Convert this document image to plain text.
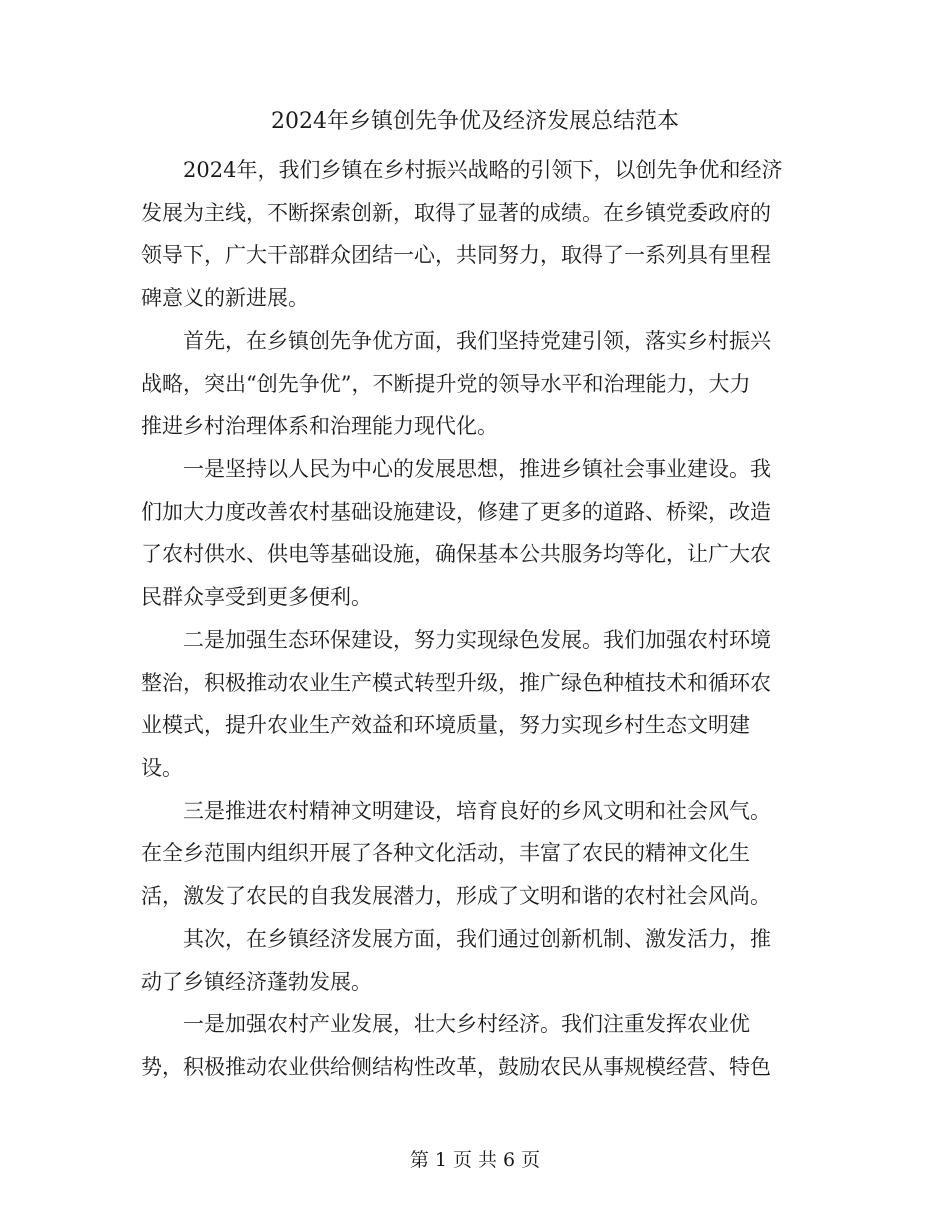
2024年乡镇创先争优及经济发展总结范本
　　2024年，我们乡镇在乡村振兴战略的引领下，以创先争优和经济
发展为主线，不断探索创新，取得了显著的成绩。在乡镇党委政府的
领导下，广大干部群众团结一心，共同努力，取得了一系列具有里程
碑意义的新进展。
　　首先，在乡镇创先争优方面，我们坚持党建引领，落实乡村振兴
战略，突出“创先争优”，不断提升党的领导水平和治理能力，大力
推进乡村治理体系和治理能力现代化。
　　一是坚持以人民为中心的发展思想，推进乡镇社会事业建设。我
们加大力度改善农村基础设施建设，修建了更多的道路、桥梁，改造
了农村供水、供电等基础设施，确保基本公共服务均等化，让广大农
民群众享受到更多便利。
　　二是加强生态环保建设，努力实现绿色发展。我们加强农村环境
整治，积极推动农业生产模式转型升级，推广绿色种植技术和循环农
业模式，提升农业生产效益和环境质量，努力实现乡村生态文明建
设。
　　三是推进农村精神文明建设，培育良好的乡风文明和社会风气。
在全乡范围内组织开展了各种文化活动，丰富了农民的精神文化生
活，激发了农民的自我发展潜力，形成了文明和谐的农村社会风尚。
　　其次，在乡镇经济发展方面，我们通过创新机制、激发活力，推
动了乡镇经济蓬勃发展。
　　一是加强农村产业发展，壮大乡村经济。我们注重发挥农业优
势，积极推动农业供给侧结构性改革，鼓励农民从事规模经营、特色
第 1 页 共 6 页
